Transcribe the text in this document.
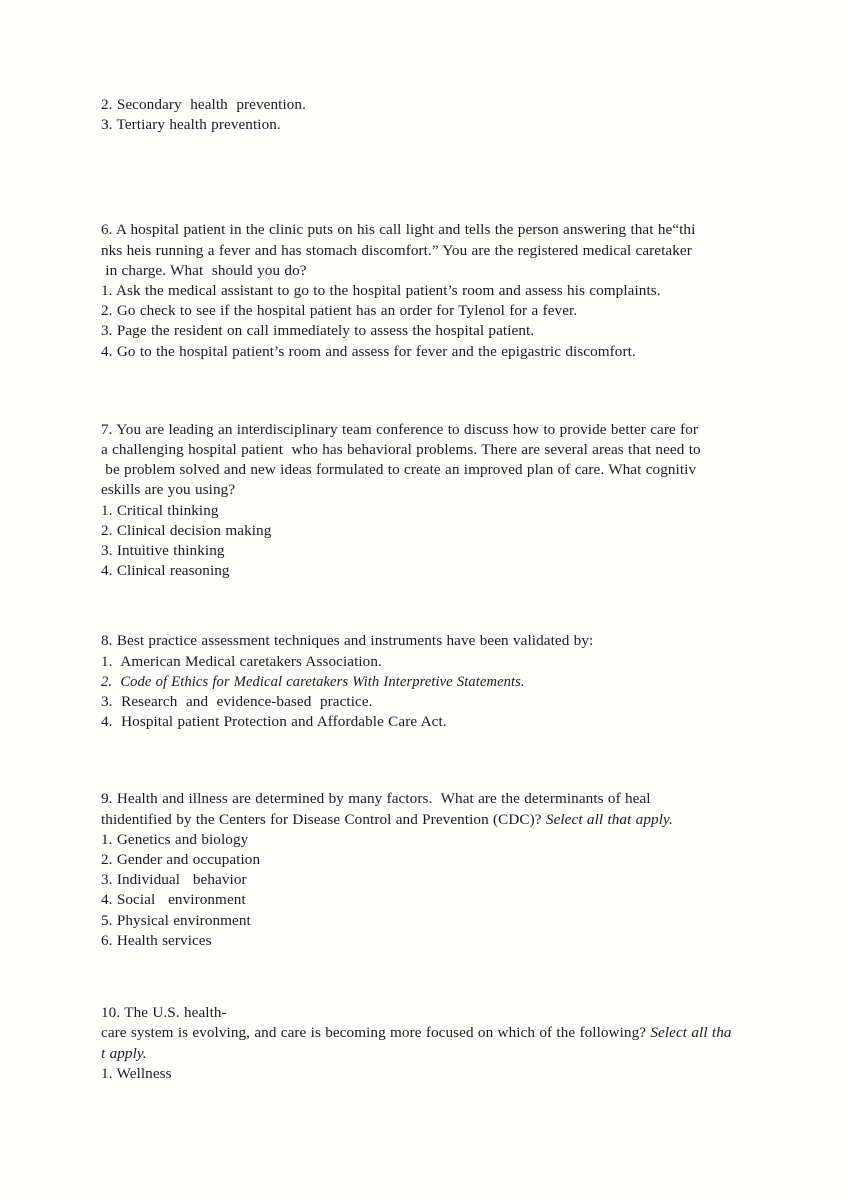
2. Secondary  health  prevention.
3. Tertiary health prevention.
6. A hospital patient in the clinic puts on his call light and tells the person answering that he“thi
nks heis running a fever and has stomach discomfort.” You are the registered medical caretaker
in charge. What  should you do?
1. Ask the medical assistant to go to the hospital patient’s room and assess his complaints.
2. Go check to see if the hospital patient has an order for Tylenol for a fever.
3. Page the resident on call immediately to assess the hospital patient.
4. Go to the hospital patient’s room and assess for fever and the epigastric discomfort.
7. You are leading an interdisciplinary team conference to discuss how to provide better care for
a challenging hospital patient  who has behavioral problems. There are several areas that need to
be problem solved and new ideas formulated to create an improved plan of care. What cognitiv
eskills are you using?
1. Critical thinking
2. Clinical decision making
3. Intuitive thinking
4. Clinical reasoning
8. Best practice assessment techniques and instruments have been validated by:
1.  American Medical caretakers Association.
2.  Code of Ethics for Medical caretakers With Interpretive Statements.
3.  Research  and  evidence-based  practice.
4.  Hospital patient Protection and Affordable Care Act.
9. Health and illness are determined by many factors.  What are the determinants of heal
thidentified by the Centers for Disease Control and Prevention (CDC)? Select all that apply.
1. Genetics and biology
2. Gender and occupation
3. Individual   behavior
4. Social   environment
5. Physical environment
6. Health services
10. The U.S. health-
care system is evolving, and care is becoming more focused on which of the following? Select all tha
t apply.
1. Wellness
